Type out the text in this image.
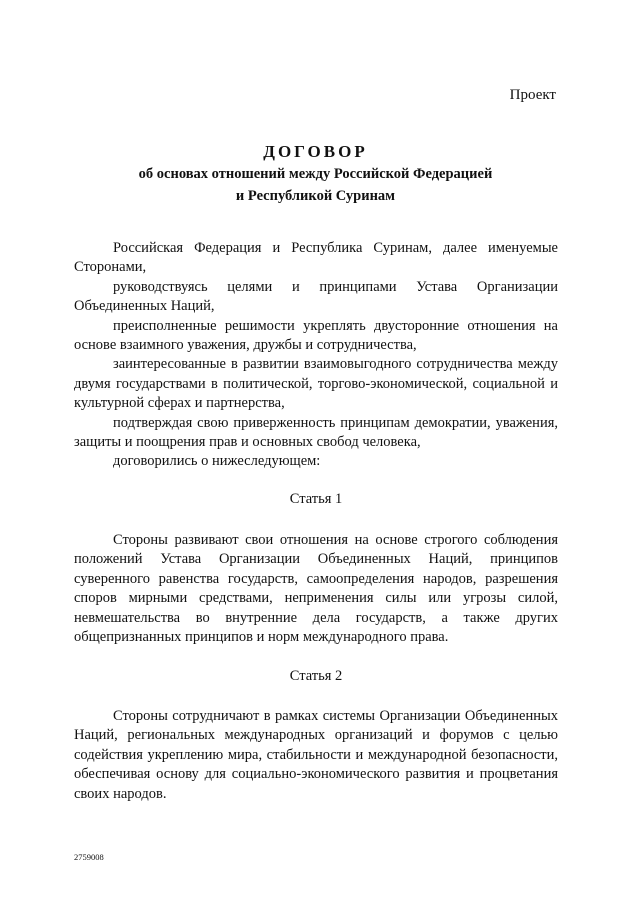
Проект
ДОГОВОР
об основах отношений между Российской Федерацией
и Республикой Суринам

Российская Федерация и Республика Суринам, далее именуемые Сторонами,

руководствуясь целями и принципами Устава Организации Объединенных Наций,

преисполненные решимости укреплять двусторонние отношения на основе взаимного уважения, дружбы и сотрудничества,

заинтересованные в развитии взаимовыгодного сотрудничества между двумя государствами в политической, торгово-экономической, социальной и культурной сферах и партнерства,

подтверждая свою приверженность принципам демократии, уважения, защиты и поощрения прав и основных свобод человека,

договорились о нижеследующем:

Статья 1

Стороны развивают свои отношения на основе строгого соблюдения положений Устава Организации Объединенных Наций, принципов суверенного равенства государств, самоопределения народов, разрешения споров мирными средствами, неприменения силы или угрозы силой, невмешательства во внутренние дела государств, а также других общепризнанных принципов и норм международного права.

Статья 2

Стороны сотрудничают в рамках системы Организации Объединенных Наций, региональных международных организаций и форумов с целью содействия укреплению мира, стабильности и международной безопасности, обеспечивая основу для социально-экономического развития и процветания своих народов.

2759008
